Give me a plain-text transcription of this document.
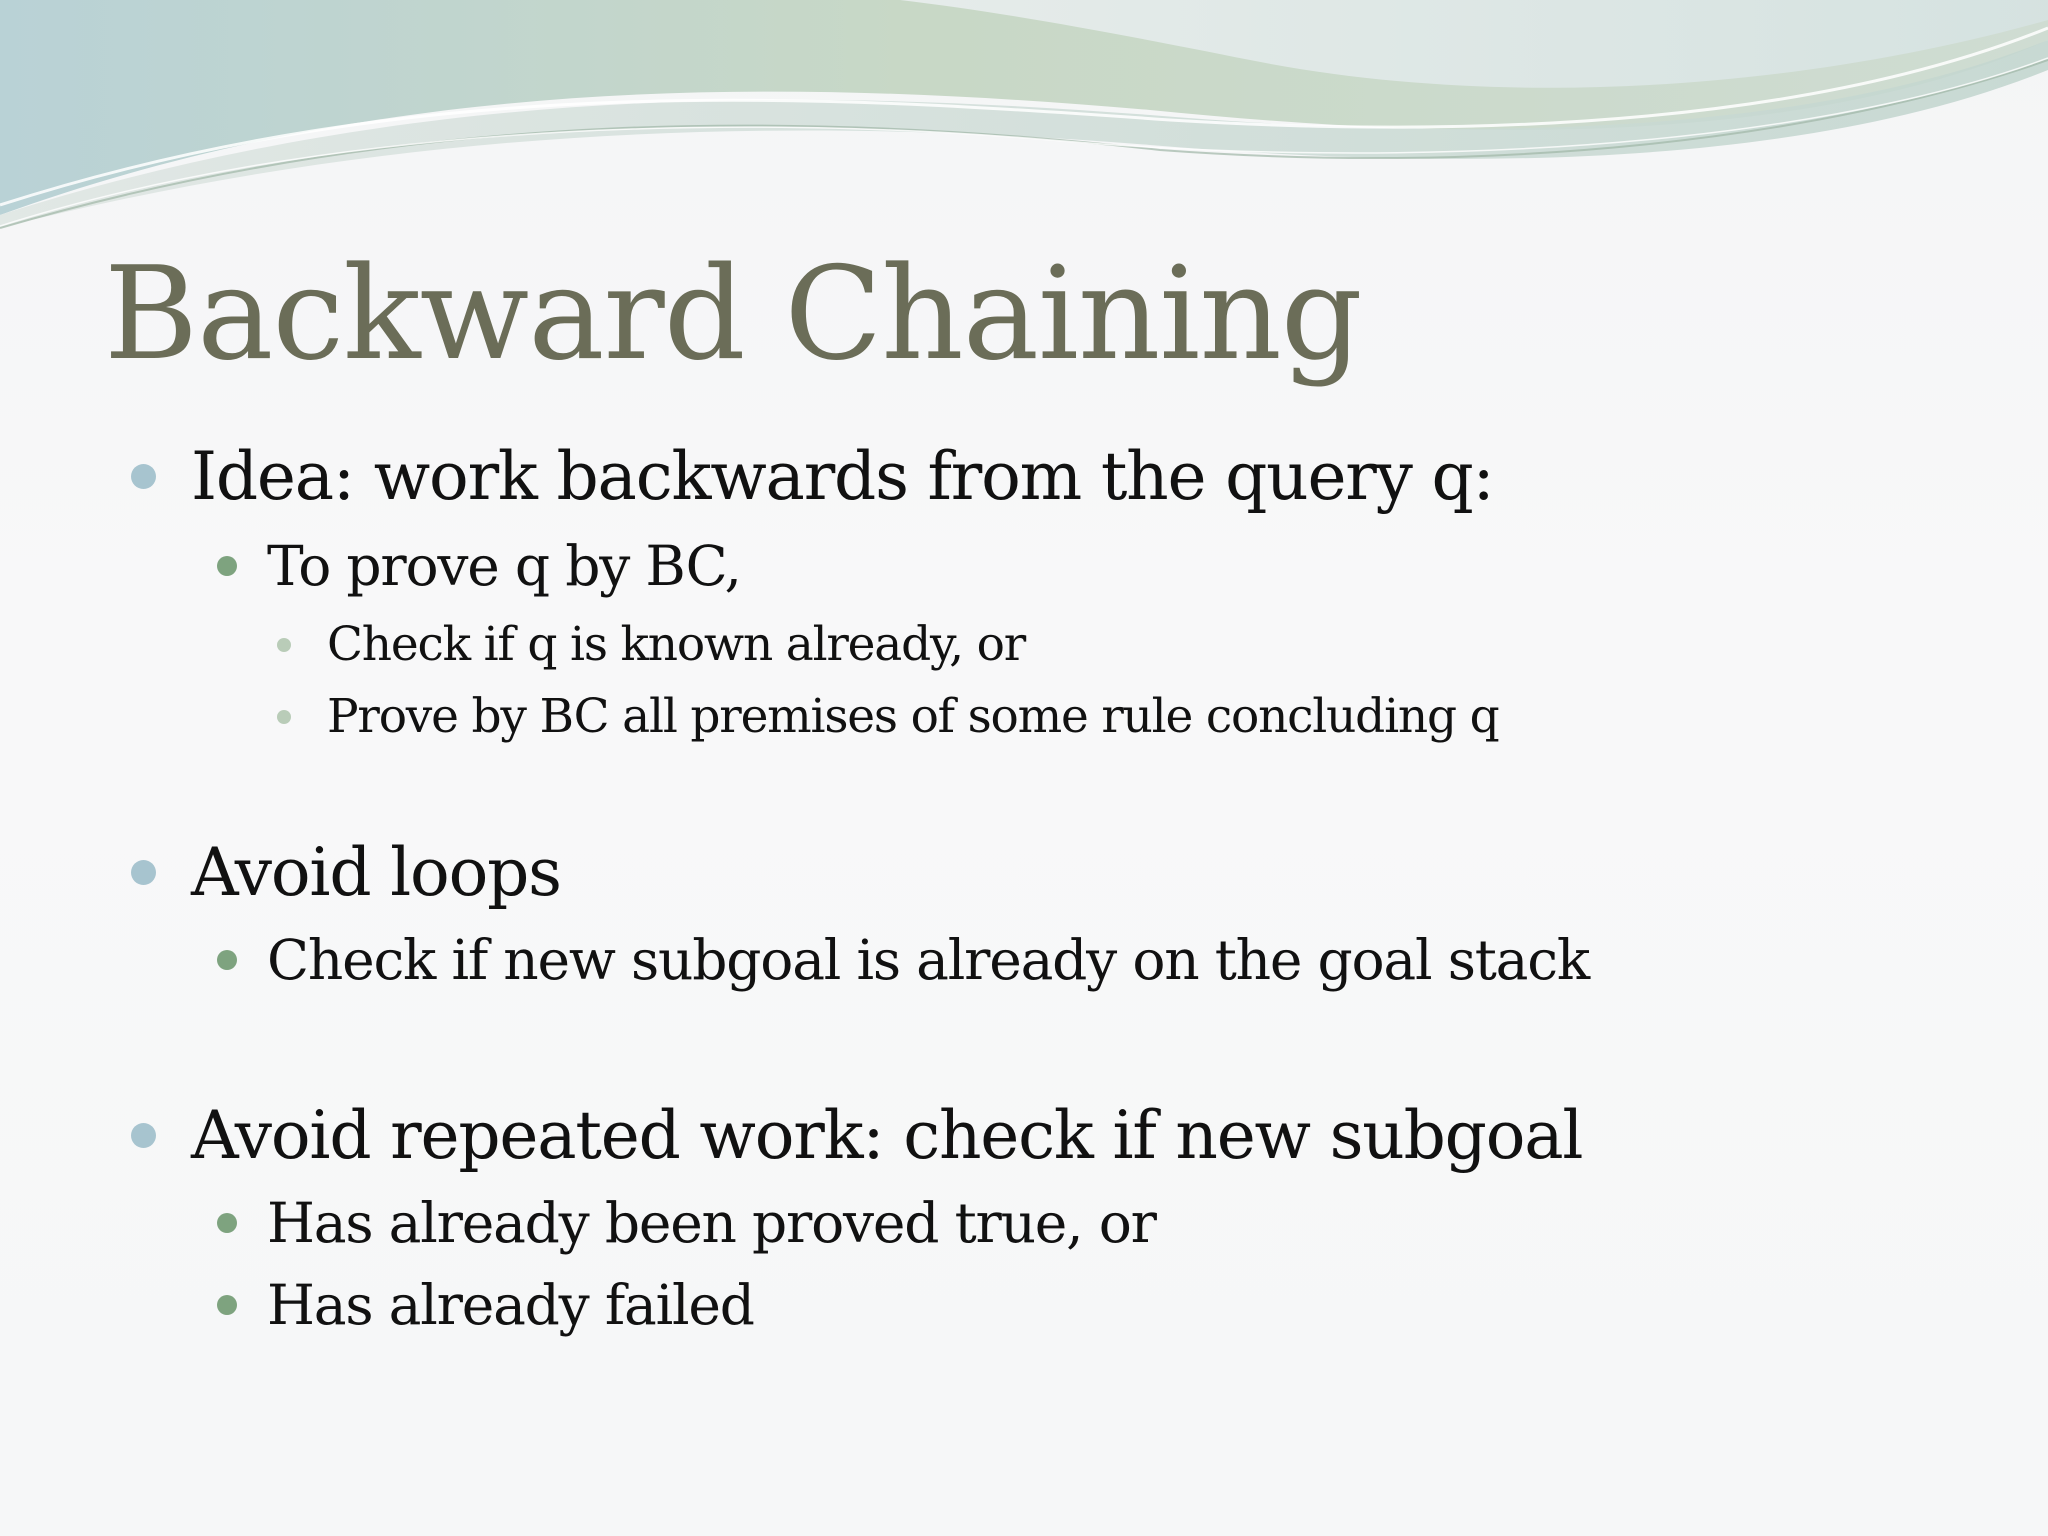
Backward Chaining
Idea: work backwards from the query q:
To prove q by BC,
Check if q is known already, or
Prove by BC all premises of some rule concluding q
Avoid loops
Check if new subgoal is already on the goal stack
Avoid repeated work: check if new subgoal
Has already been proved true, or
Has already failed
